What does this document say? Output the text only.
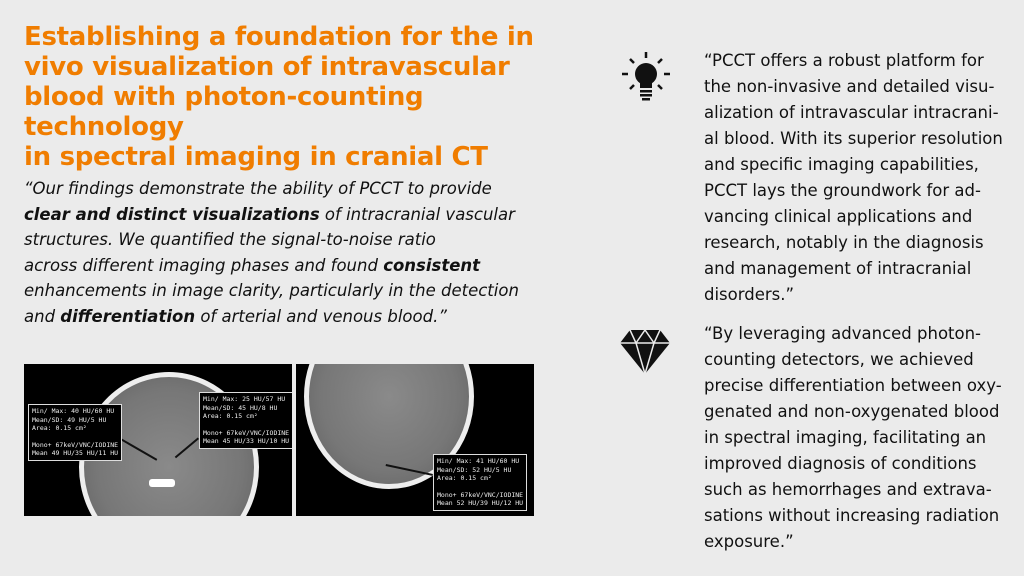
Establishing a foundation for the in
vivo visualization of intravascular
blood with photon-counting technology
in spectral imaging in cranial CT
“Our findings demonstrate the ability of PCCT to provide
clear and distinct visualizations of intracranial vascular
structures. We quantified the signal-to-noise ratio
across different imaging phases and found consistent
enhancements in image clarity, particularly in the detection
and differentiation of arterial and venous blood.”
Min/ Max: 40 HU/60 HU
Mean/SD: 49 HU/5 HU
Area: 0.15 cm²
Mono+ 67keV/VNC/IODINE
Mean 49 HU/35 HU/11 HU
Min/ Max: 25 HU/57 HU
Mean/SD: 45 HU/8 HU
Area: 0.15 cm²
Mono+ 67keV/VNC/IODINE
Mean 45 HU/33 HU/10 HU
Min/ Max: 41 HU/60 HU
Mean/SD: 52 HU/5 HU
Area: 0.15 cm²
Mono+ 67keV/VNC/IODINE
Mean 52 HU/39 HU/12 HU
“PCCT offers a robust platform for
the non-invasive and detailed visu-
alization of intravascular intracrani-
al blood. With its superior resolution
and specific imaging capabilities,
PCCT lays the groundwork for ad-
vancing clinical applications and
research, notably in the diagnosis
and management of intracranial
disorders.”
“By leveraging advanced photon-
counting detectors, we achieved
precise differentiation between oxy-
genated and non-oxygenated blood
in spectral imaging, facilitating an
improved diagnosis of conditions
such as hemorrhages and extrava-
sations without increasing radiation
exposure.”
